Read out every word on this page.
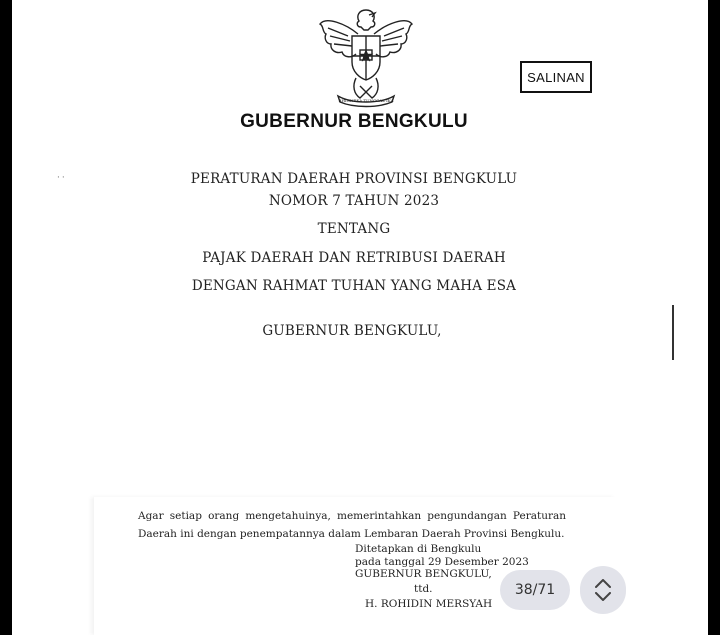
BHINNEKA TUNGGAL IKA
SALINAN
GUBERNUR BENGKULU
··	PERATURAN DAERAH PROVINSI BENGKULU
NOMOR 7 TAHUN 2023
TENTANG
PAJAK DAERAH DAN RETRIBUSI DAERAH
DENGAN RAHMAT TUHAN YANG MAHA ESA
GUBERNUR BENGKULU,
Agar setiap orang mengetahuinya, memerintahkan pengundangan Peraturan
Daerah ini dengan penempatannya dalam Lembaran Daerah Provinsi Bengkulu.
Ditetapkan di Bengkulu
pada tanggal 29 Desember 2023
GUBERNUR BENGKULU,
ttd.
H. ROHIDIN MERSYAH
38/71
